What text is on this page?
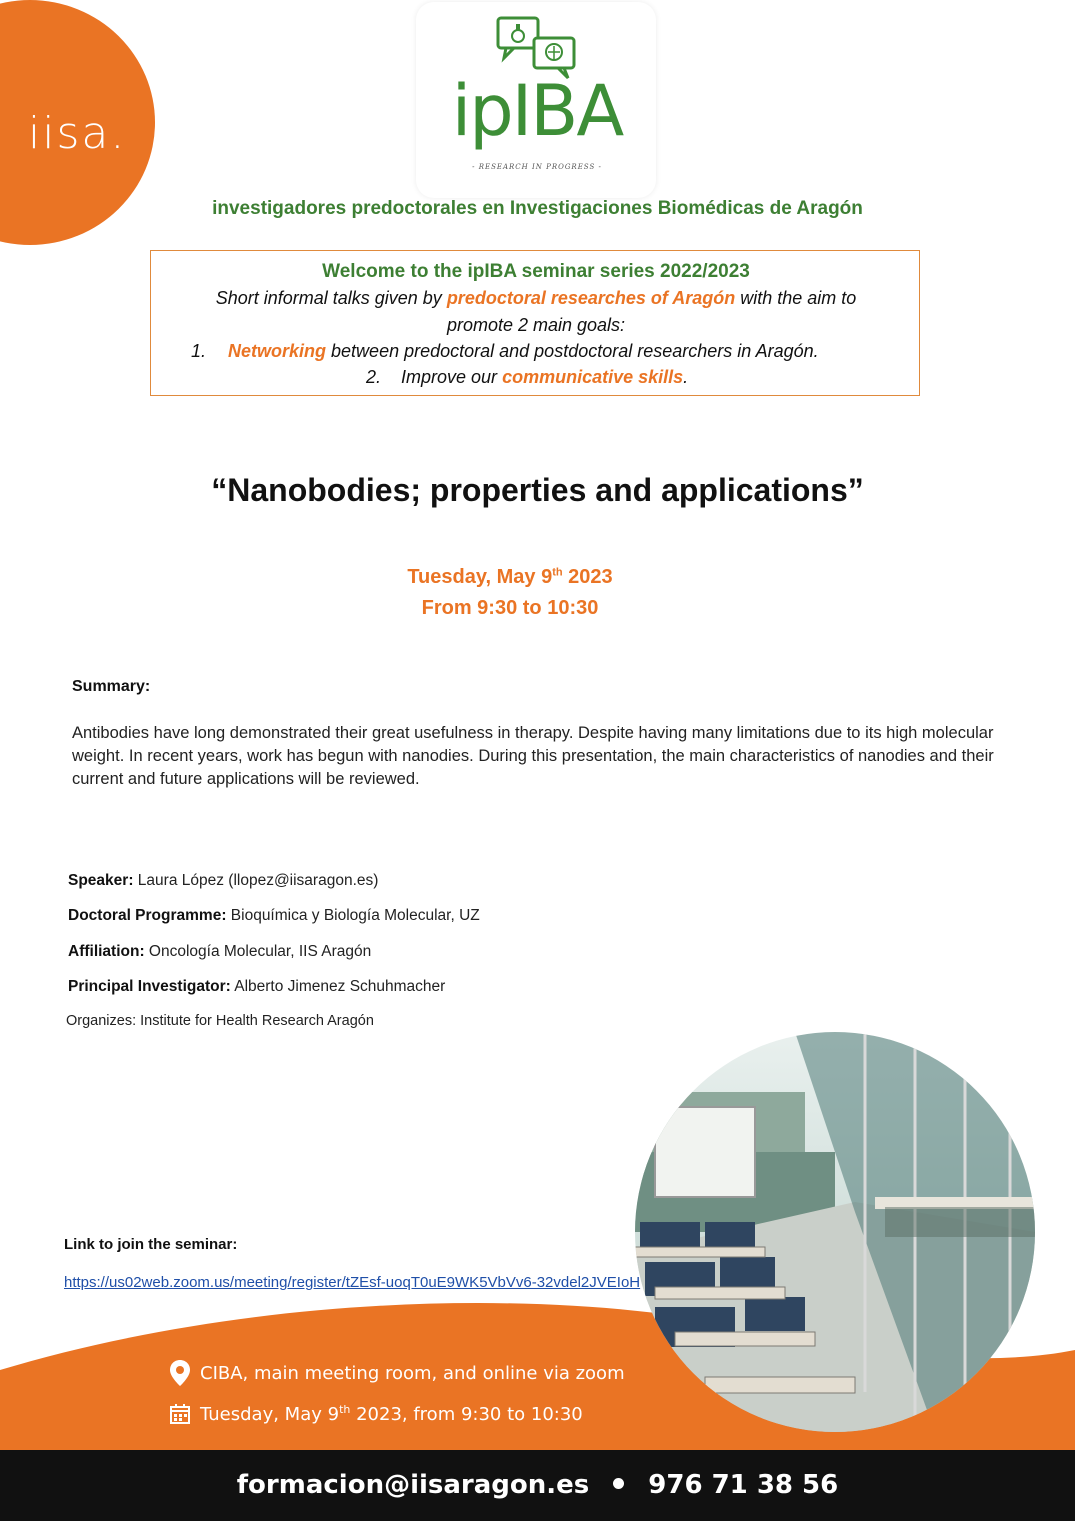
iisa.	ipIBA
- RESEARCH IN PROGRESS -
investigadores predoctorales en Investigaciones Biomédicas de Aragón
Welcome to the ipIBA seminar series 2022/2023
Short informal talks given by predoctoral researches of Aragón with the aim to
promote 2 main goals:
1. Networking between predoctoral and postdoctoral researchers in Aragón.
2. Improve our communicative skills.
“Nanobodies; properties and applications”
Tuesday, May 9th 2023
From 9:30 to 10:30
Summary:
Antibodies have long demonstrated their great usefulness in therapy. Despite having many limitations due to its high molecular weight. In recent years, work has begun with nanodies. During this presentation, the main characteristics of nanodies and their current and future applications will be reviewed.
Speaker: Laura López (llopez@iisaragon.es)
Doctoral Programme: Bioquímica y Biología Molecular, UZ
Affiliation: Oncología Molecular, IIS Aragón
Principal Investigator: Alberto Jimenez Schuhmacher
Organizes: Institute for Health Research Aragón
Link to join the seminar:
https://us02web.zoom.us/meeting/register/tZEsf-uoqT0uE9WK5VbVv6-32vdel2JVEIoH
CIBA, main meeting room, and online via zoom
Tuesday, May 9th 2023, from 9:30 to 10:30
formacion@iisaragon.es 976 71 38 56
